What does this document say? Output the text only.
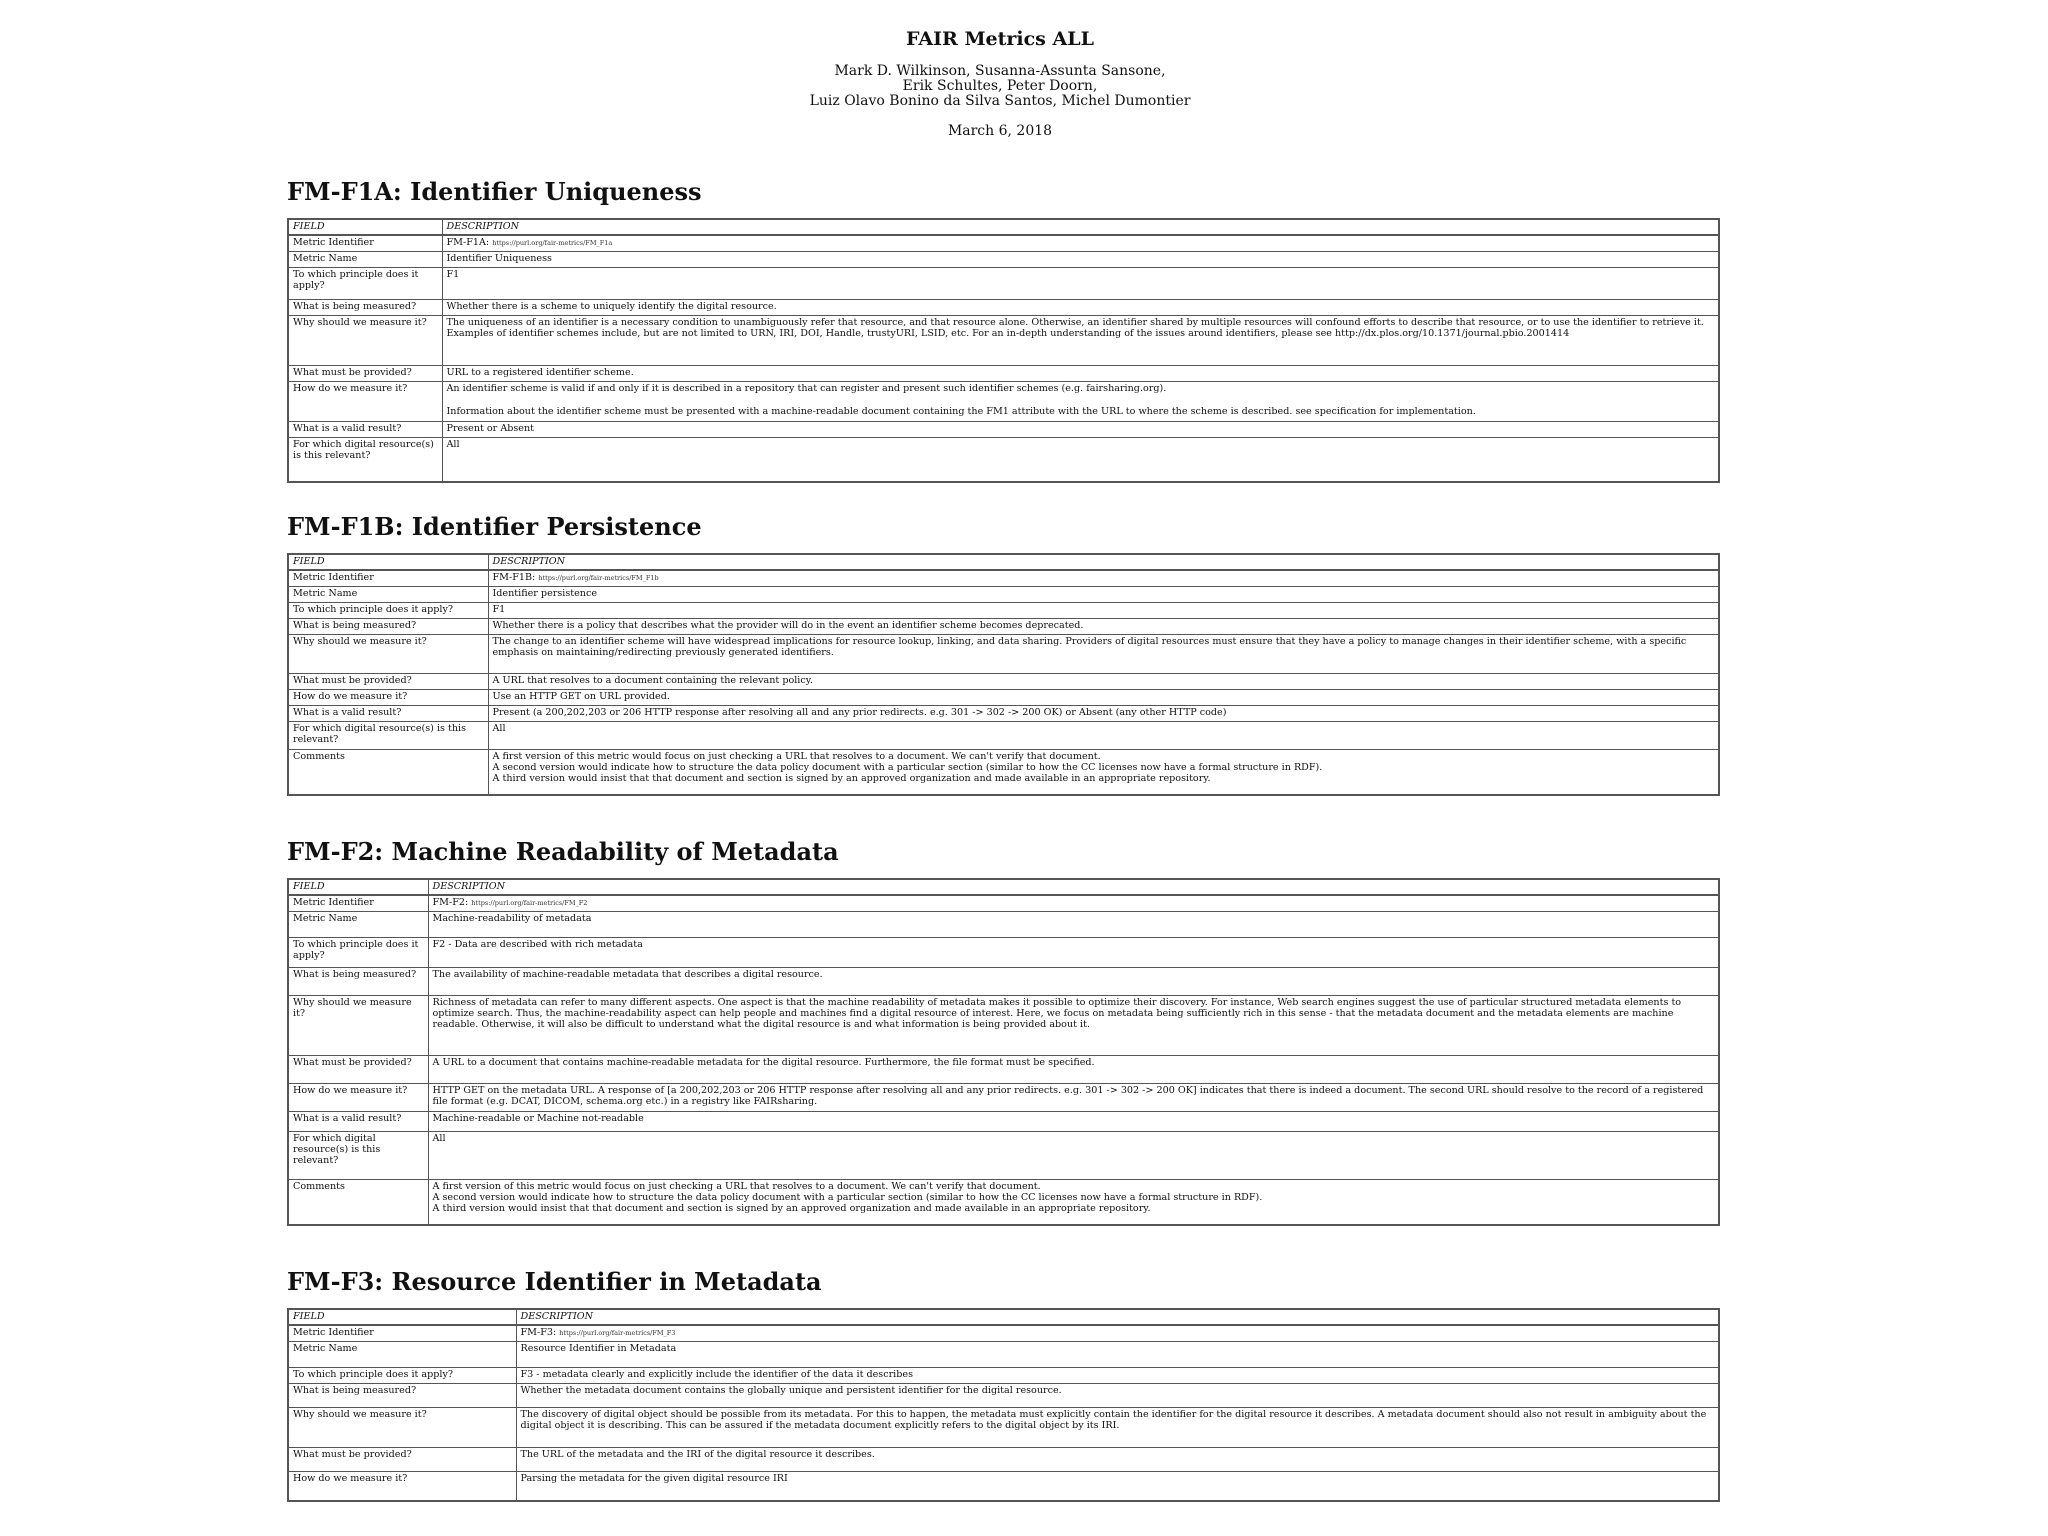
FAIR Metrics ALL

Mark D. Wilkinson, Susanna-Assunta Sansone,

Erik Schultes, Peter Doorn,

Luiz Olavo Bonino da Silva Santos, Michel Dumontier

March 6, 2018
FM-F1A: Identifier Uniqueness
FIELD	DESCRIPTION
Metric Identifier	FM-F1A: https://purl.org/fair-metrics/FM_F1a
Metric Name	Identifier Uniqueness

To which principle does it apply?	F1

What is being measured?	Whether there is a scheme to uniquely identify the digital resource.

Why should we measure it?	The uniqueness of an identifier is a necessary condition to unambiguously refer that resource, and that resource alone. Otherwise, an identifier shared by multiple resources will confound efforts to describe that resource, or to use the identifier to retrieve it. Examples of identifier schemes include, but are not limited to URN, IRI, DOI, Handle, trustyURI, LSID, etc. For an in-depth understanding of the issues around identifiers, please see http://dx.plos.org/10.1371/journal.pbio.2001414

What must be provided?	URL to a registered identifier scheme.

How do we measure it?	An identifier scheme is valid if and only if it is described in a repository that can register and present such identifier schemes (e.g. fairsharing.org).
Information about the identifier scheme must be presented with a machine-readable document containing the FM1 attribute with the URL to where the scheme is described. see specification for implementation.

What is a valid result?	Present or Absent

For which digital resource(s) is this relevant?	All
FM-F1B: Identifier Persistence
FIELD	DESCRIPTION
Metric Identifier	FM-F1B: https://purl.org/fair-metrics/FM_F1b
Metric Name	Identifier persistence

To which principle does it apply?	F1

What is being measured?	Whether there is a policy that describes what the provider will do in the event an identifier scheme becomes deprecated.

Why should we measure it?	The change to an identifier scheme will have widespread implications for resource lookup, linking, and data sharing. Providers of digital resources must ensure that they have a policy to manage changes in their identifier scheme, with a specific emphasis on maintaining/redirecting previously generated identifiers.

What must be provided?	A URL that resolves to a document containing the relevant policy.

How do we measure it?	Use an HTTP GET on URL provided.

What is a valid result?	Present (a 200,202,203 or 206 HTTP response after resolving all and any prior redirects. e.g. 301 -> 302 -> 200 OK) or Absent (any other HTTP code)

For which digital resource(s) is this relevant?	All

Comments	A first version of this metric would focus on just checking a URL that resolves to a document. We can't verify that document.
A second version would indicate how to structure the data policy document with a particular section (similar to how the CC licenses now have a formal structure in RDF).
A third version would insist that that document and section is signed by an approved organization and made available in an appropriate repository.
FM-F2: Machine Readability of Metadata
FIELD	DESCRIPTION
Metric Identifier	FM-F2: https://purl.org/fair-metrics/FM_F2
Metric Name	Machine-readability of metadata

To which principle does it apply?	F2 - Data are described with rich metadata

What is being measured?	The availability of machine-readable metadata that describes a digital resource.

Why should we measure it?	Richness of metadata can refer to many different aspects. One aspect is that the machine readability of metadata makes it possible to optimize their discovery. For instance, Web search engines suggest the use of particular structured metadata elements to optimize search. Thus, the machine-readability aspect can help people and machines find a digital resource of interest. Here, we focus on metadata being sufficiently rich in this sense - that the metadata document and the metadata elements are machine readable. Otherwise, it will also be difficult to understand what the digital resource is and what information is being provided about it.

What must be provided?	A URL to a document that contains machine-readable metadata for the digital resource. Furthermore, the file format must be specified.

How do we measure it?	HTTP GET on the metadata URL. A response of [a 200,202,203 or 206 HTTP response after resolving all and any prior redirects. e.g. 301 -> 302 -> 200 OK] indicates that there is indeed a document. The second URL should resolve to the record of a registered file format (e.g. DCAT, DICOM, schema.org etc.) in a registry like FAIRsharing.

What is a valid result?	Machine-readable or Machine not-readable

For which digital resource(s) is this relevant?	All

Comments	A first version of this metric would focus on just checking a URL that resolves to a document. We can't verify that document.
A second version would indicate how to structure the data policy document with a particular section (similar to how the CC licenses now have a formal structure in RDF).
A third version would insist that that document and section is signed by an approved organization and made available in an appropriate repository.
FM-F3: Resource Identifier in Metadata
FIELD	DESCRIPTION
Metric Identifier	FM-F3: https://purl.org/fair-metrics/FM_F3
Metric Name	Resource Identifier in Metadata

To which principle does it apply?	F3 - metadata clearly and explicitly include the identifier of the data it describes

What is being measured?	Whether the metadata document contains the globally unique and persistent identifier for the digital resource.

Why should we measure it?	The discovery of digital object should be possible from its metadata. For this to happen, the metadata must explicitly contain the identifier for the digital resource it describes. A metadata document should also not result in ambiguity about the digital object it is describing. This can be assured if the metadata document explicitly refers to the digital object by its IRI.

What must be provided?	The URL of the metadata and the IRI of the digital resource it describes.

How do we measure it?	Parsing the metadata for the given digital resource IRI
